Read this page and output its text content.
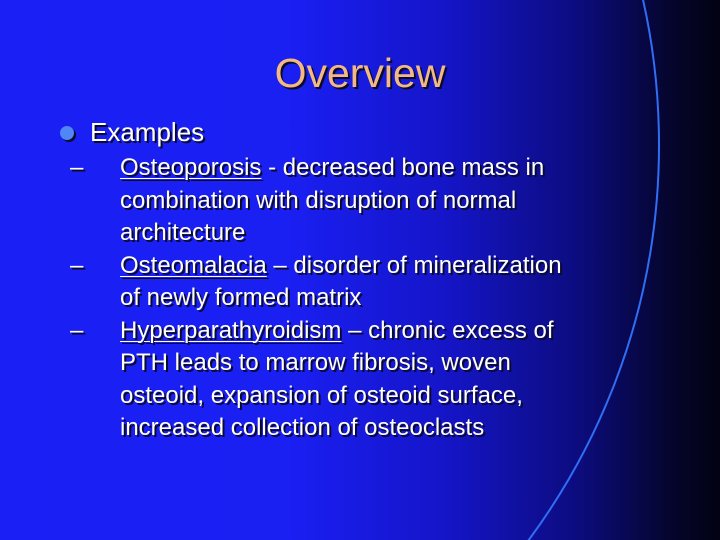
Overview
Examples
– Osteoporosis - decreased bone mass in
combination with disruption of normal
architecture
– Osteomalacia – disorder of mineralization
of newly formed matrix
– Hyperparathyroidism – chronic excess of
PTH leads to marrow fibrosis, woven
osteoid, expansion of osteoid surface,
increased collection of osteoclasts
